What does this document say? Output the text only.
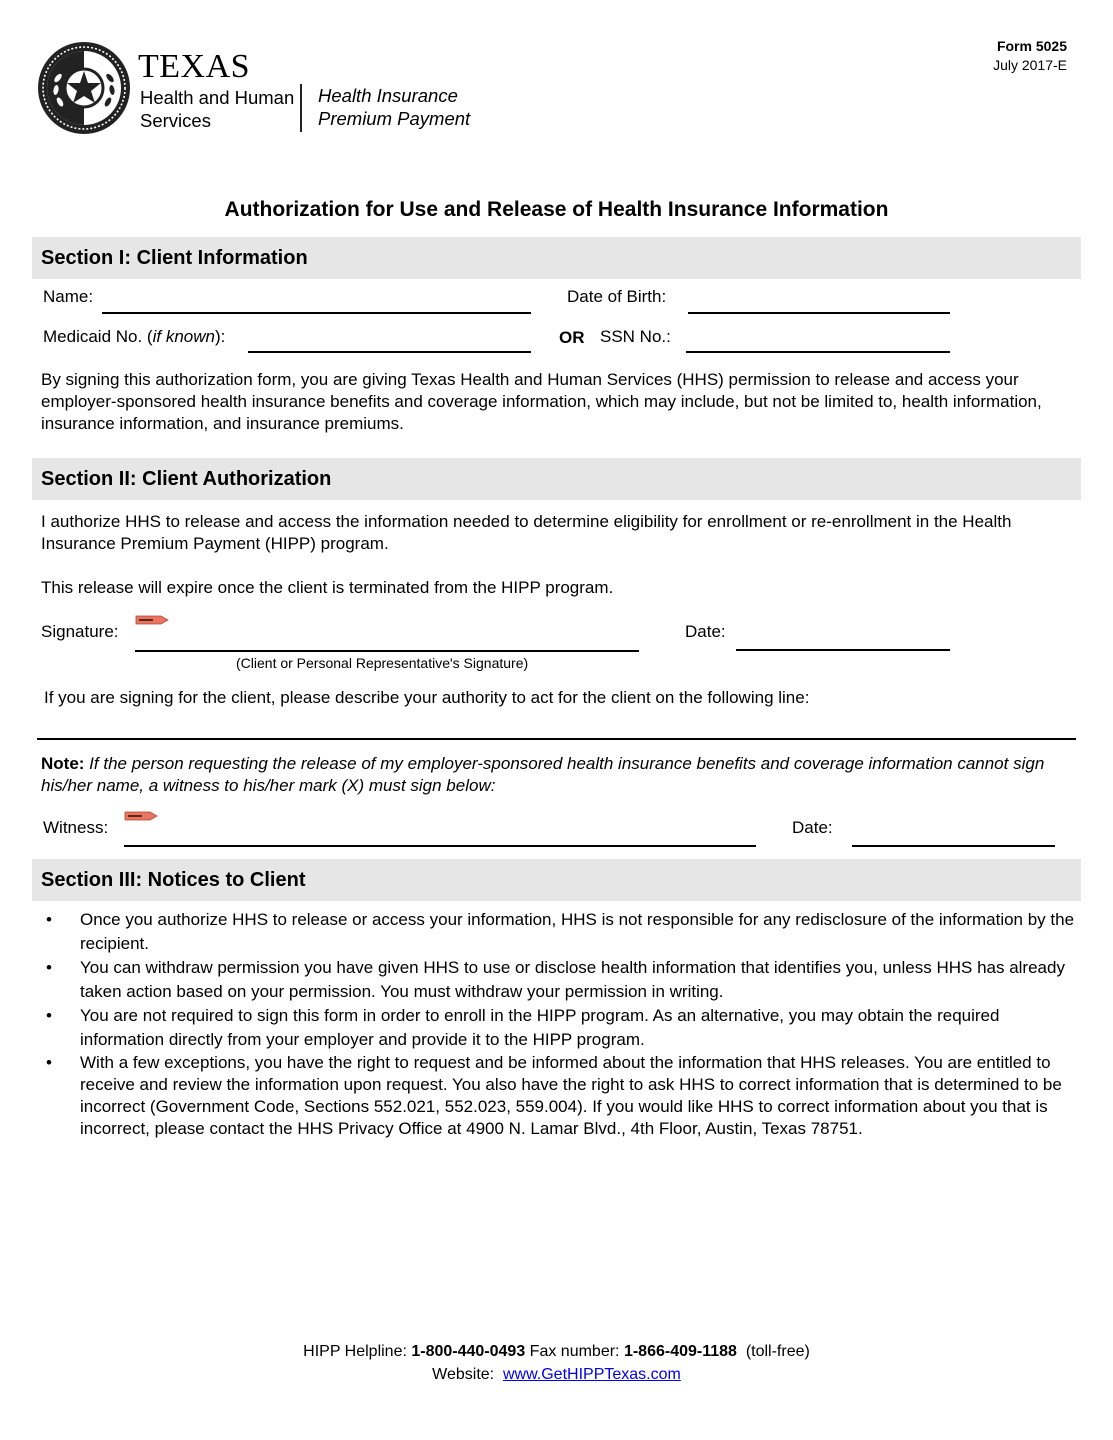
TEXAS
Health and Human
Services
Health Insurance
Premium Payment
Form 5025
July 2017-E
Authorization for Use and Release of Health Insurance Information
Section I: Client Information
Name:	Date of Birth:
Medicaid No. (if known):	OR SSN No.:
By signing this authorization form, you are giving Texas Health and Human Services (HHS) permission to release and access your employer-sponsored health insurance benefits and coverage information, which may include, but not be limited to, health information, insurance information, and insurance premiums.
Section II: Client Authorization
I authorize HHS to release and access the information needed to determine eligibility for enrollment or re-enrollment in the Health Insurance Premium Payment (HIPP) program.
This release will expire once the client is terminated from the HIPP program.
Signature:
(Client or Personal Representative's Signature)
Date:
If you are signing for the client, please describe your authority to act for the client on the following line:
Note: If the person requesting the release of my employer-sponsored health insurance benefits and coverage information cannot sign his/her name, a witness to his/her mark (X) must sign below:
Witness:	Date:
Section III: Notices to Client
• Once you authorize HHS to release or access your information, HHS is not responsible for any redisclosure of the information by the recipient.
• You can withdraw permission you have given HHS to use or disclose health information that identifies you, unless HHS has already taken action based on your permission. You must withdraw your permission in writing.
• You are not required to sign this form in order to enroll in the HIPP program. As an alternative, you may obtain the required information directly from your employer and provide it to the HIPP program.
• With a few exceptions, you have the right to request and be informed about the information that HHS releases. You are entitled to receive and review the information upon request. You also have the right to ask HHS to correct information that is determined to be incorrect (Government Code, Sections 552.021, 552.023, 559.004). If you would like HHS to correct information about you that is incorrect, please contact the HHS Privacy Office at 4900 N. Lamar Blvd., 4th Floor, Austin, Texas 78751.
HIPP Helpline: 1-800-440-0493 Fax number: 1-866-409-1188  (toll-free)
Website:  www.GetHIPPTexas.com
